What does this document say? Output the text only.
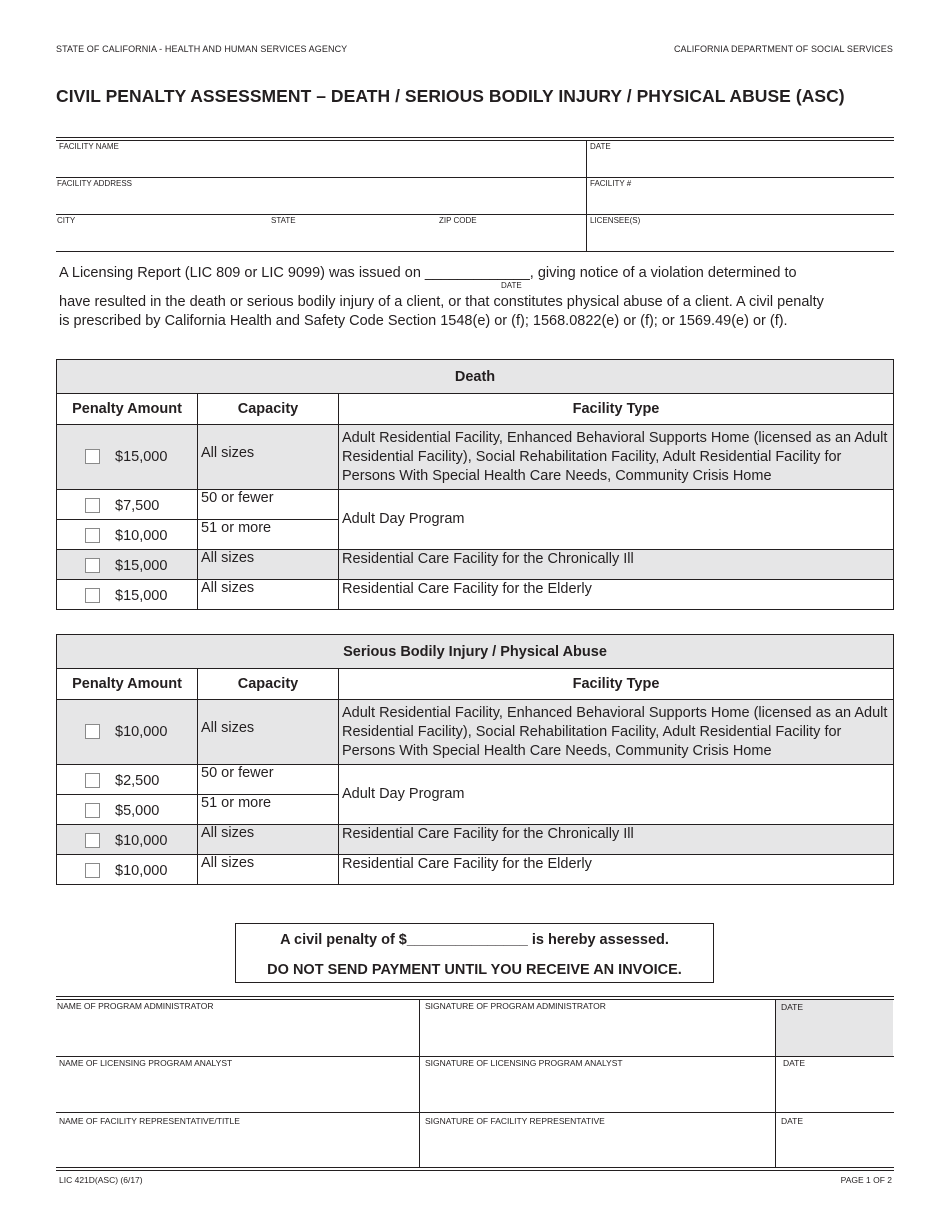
STATE OF CALIFORNIA - HEALTH AND HUMAN SERVICES AGENCY	CALIFORNIA DEPARTMENT OF SOCIAL SERVICES
CIVIL PENALTY ASSESSMENT – DEATH / SERIOUS BODILY INJURY / PHYSICAL ABUSE (ASC)
FACILITY NAME	DATE
FACILITY ADDRESS	FACILITY #
CITY	STATE	ZIP CODE	LICENSEE(S)
A Licensing Report (LIC 809 or LIC 9099) was issued on _____________, giving notice of a violation determined to
DATE
have resulted in the death or serious bodily injury of a client, or that constitutes physical abuse of a client. A civil penalty
is prescribed by California Health and Safety Code Section 1548(e) or (f); 1568.0822(e) or (f); or 1569.49(e) or (f).
Death		
Penalty Amount	Capacity	Facility Type

$15,000	All sizes	Adult Residential Facility, Enhanced Behavioral Supports Home (licensed as an Adult Residential Facility), Social Rehabilitation Facility, Adult Residential Facility for Persons With Special Health Care Needs, Community Crisis Home

$7,500	50 or fewer	Adult Day Program

$10,000	51 or more	

$15,000	All sizes	Residential Care Facility for the Chronically Ill

$15,000	All sizes	Residential Care Facility for the Elderly
Serious Bodily Injury / Physical Abuse		
Penalty Amount	Capacity	Facility Type

$10,000	All sizes	Adult Residential Facility, Enhanced Behavioral Supports Home (licensed as an Adult Residential Facility), Social Rehabilitation Facility, Adult Residential Facility for Persons With Special Health Care Needs, Community Crisis Home

$2,500	50 or fewer	Adult Day Program

$5,000	51 or more	

$10,000	All sizes	Residential Care Facility for the Chronically Ill

$10,000	All sizes	Residential Care Facility for the Elderly
A civil penalty of $_______________ is hereby assessed.
DO NOT SEND PAYMENT UNTIL YOU RECEIVE AN INVOICE.
NAME OF PROGRAM ADMINISTRATOR	SIGNATURE OF PROGRAM ADMINISTRATOR	DATE
NAME OF LICENSING PROGRAM ANALYST	SIGNATURE OF LICENSING PROGRAM ANALYST	DATE
NAME OF FACILITY REPRESENTATIVE/TITLE	SIGNATURE OF FACILITY REPRESENTATIVE	DATE
LIC 421D(ASC) (6/17)	PAGE 1 OF 2
